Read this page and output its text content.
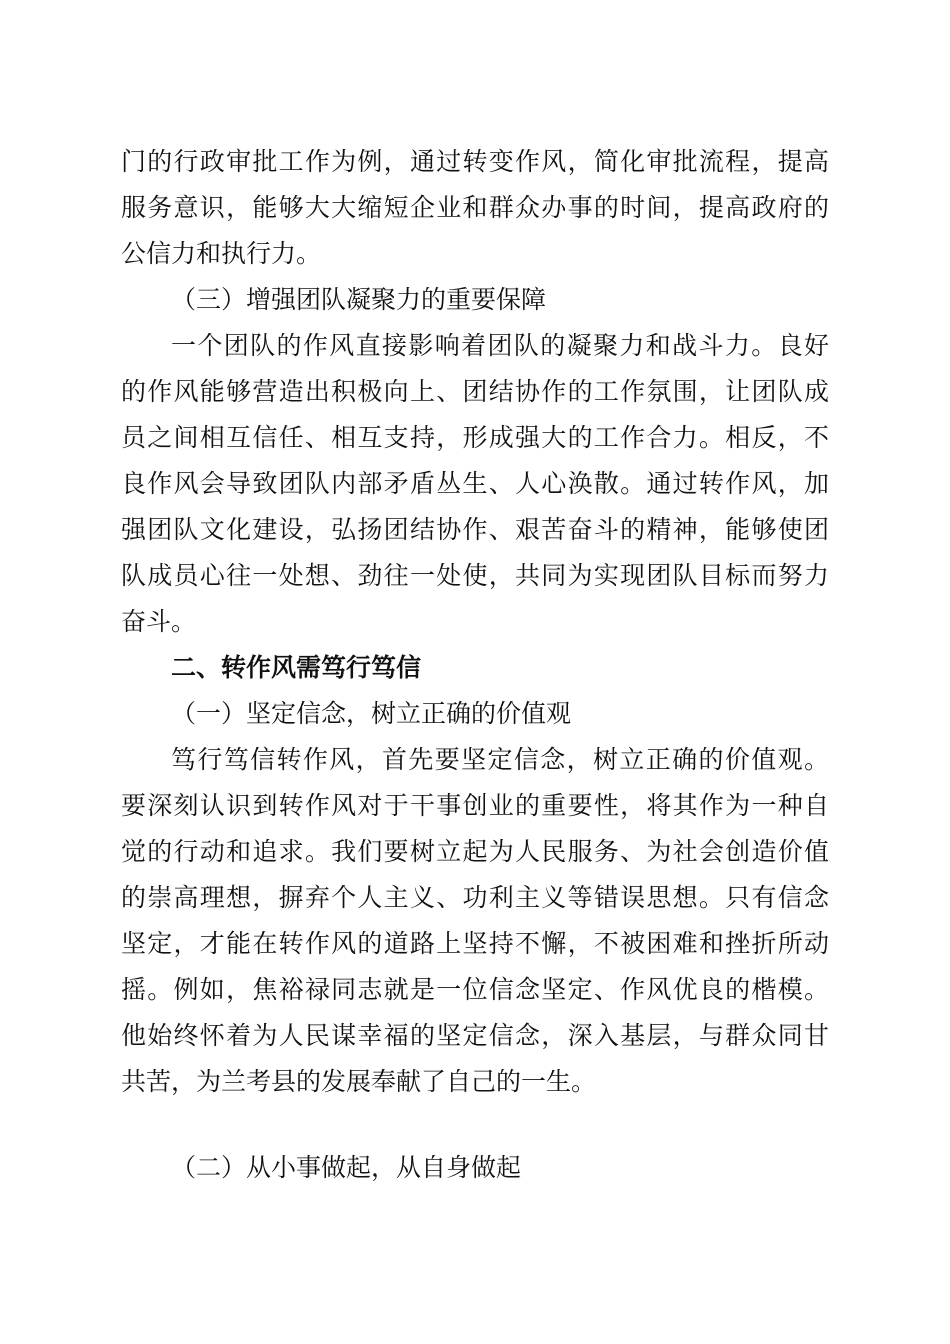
门的行政审批工作为例，通过转变作风，简化审批流程，提高
服务意识，能够大大缩短企业和群众办事的时间，提高政府的
公信力和执行力。
（三）增强团队凝聚力的重要保障
一个团队的作风直接影响着团队的凝聚力和战斗力。良好
的作风能够营造出积极向上、团结协作的工作氛围，让团队成
员之间相互信任、相互支持，形成强大的工作合力。相反，不
良作风会导致团队内部矛盾丛生、人心涣散。通过转作风，加
强团队文化建设，弘扬团结协作、艰苦奋斗的精神，能够使团
队成员心往一处想、劲往一处使，共同为实现团队目标而努力
奋斗。
二、转作风需笃行笃信
（一）坚定信念，树立正确的价值观
笃行笃信转作风，首先要坚定信念，树立正确的价值观。
要深刻认识到转作风对于干事创业的重要性，将其作为一种自
觉的行动和追求。我们要树立起为人民服务、为社会创造价值
的崇高理想，摒弃个人主义、功利主义等错误思想。只有信念
坚定，才能在转作风的道路上坚持不懈，不被困难和挫折所动
摇。例如，焦裕禄同志就是一位信念坚定、作风优良的楷模。
他始终怀着为人民谋幸福的坚定信念，深入基层，与群众同甘
共苦，为兰考县的发展奉献了自己的一生。
（二）从小事做起，从自身做起
